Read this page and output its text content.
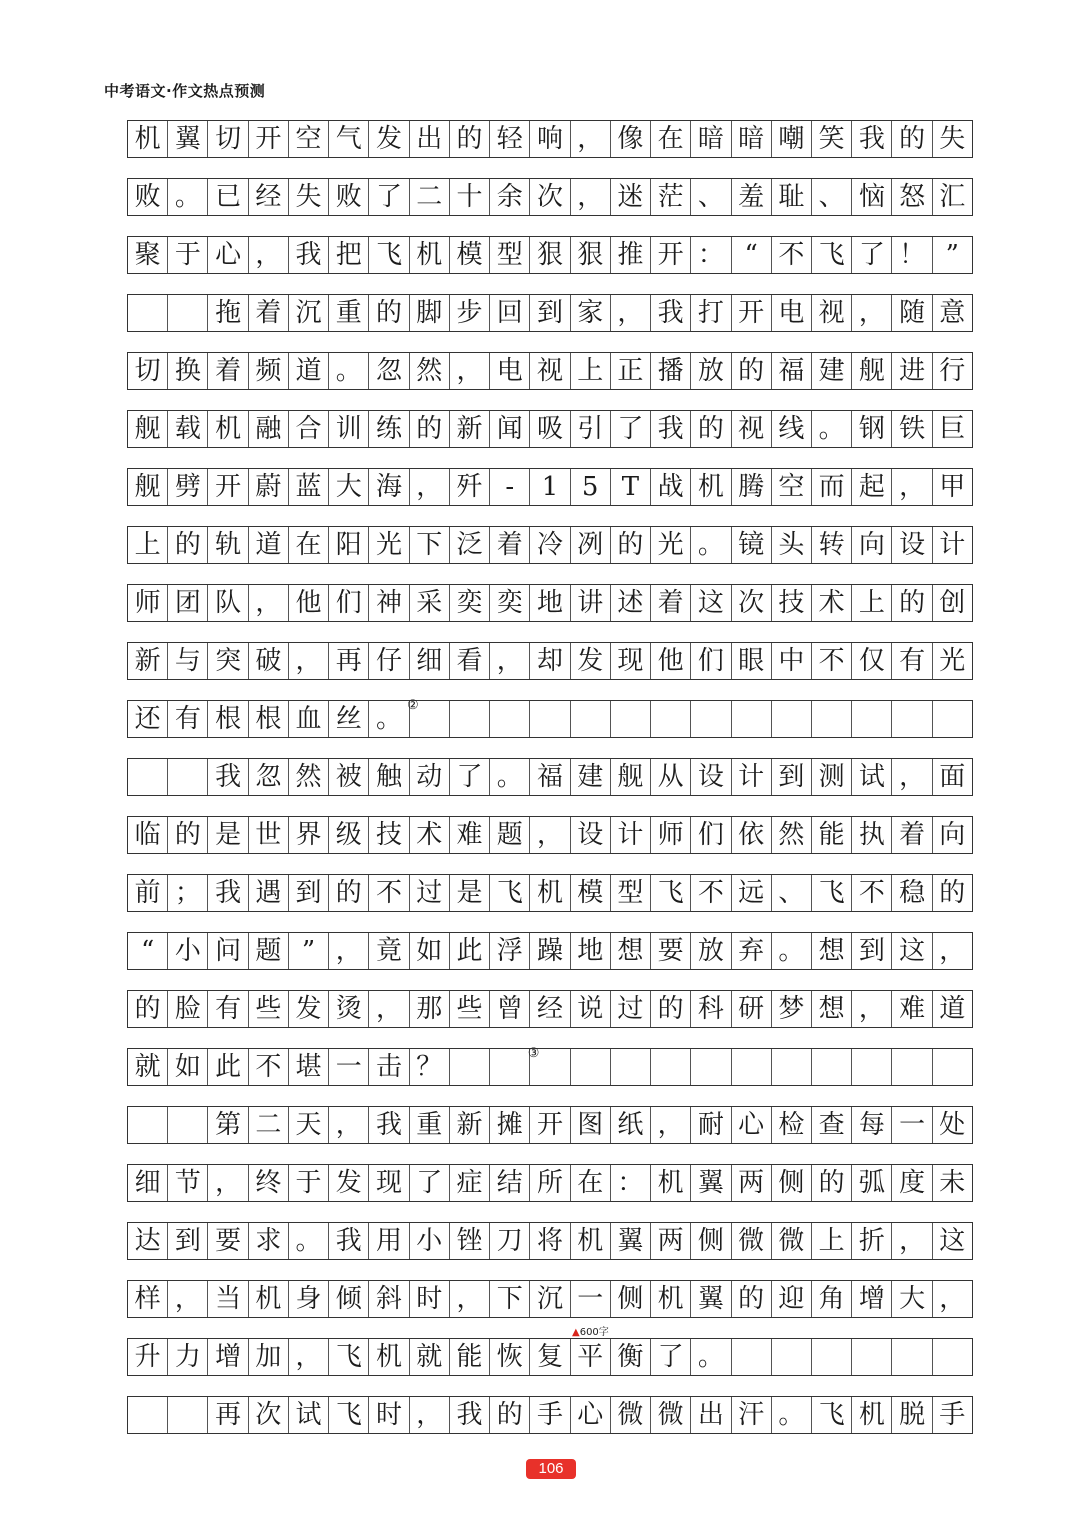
中考语文·作文热点预测
机 翼 切 开 空 气 发 出 的 轻 响 ， 像 在 暗 暗 嘲 笑 我 的 失
败 。 已 经 失 败 了 二 十 余 次 ， 迷 茫 、 羞 耻 、 恼 怒 汇
聚 于 心 ， 我 把 飞 机 模 型 狠 狠 推 开 ： “ 不 飞 了 ！ ”
拖 着 沉 重 的 脚 步 回 到 家 ， 我 打 开 电 视 ， 随 意
切 换 着 频 道 。 忽 然 ， 电 视 上 正 播 放 的 福 建 舰 进 行
舰 载 机 融 合 训 练 的 新 闻 吸 引 了 我 的 视 线 。 钢 铁 巨
舰 劈 开 蔚 蓝 大 海 ， 歼 -	1 5 T 战 机 腾 空 而 起 ， 甲
上 的 轨 道 在 阳 光 下 泛 着 冷 冽 的 光 。 镜 头 转 向 设 计
师 团 队 ， 他 们 神 采 奕 奕 地 讲 述 着 这 次 技 术 上 的 创
新 与 突 破 ， 再 仔 细 看 ， 却 发 现 他 们 眼 中 不 仅 有 光
还 有 根 根 血 丝 。 ②
我 忽 然 被 触 动 了 。 福 建 舰 从 设 计 到 测 试 ， 面
临 的 是 世 界 级 技 术 难 题 ， 设 计 师 们 依 然 能 执 着 向
前 ； 我 遇 到 的 不 过 是 飞 机 模 型 飞 不 远 、 飞 不 稳 的
“ 小 问 题 ” ， 竟 如 此 浮 躁 地 想 要 放 弃 。 想 到 这 ，
的 脸 有 些 发 烫 ， 那 些 曾 经 说 过 的 科 研 梦 想 ， 难 道
就 如 此 不 堪 一 击 ？	③
第 二 天 ， 我 重 新 摊 开 图 纸 ， 耐 心 检 查 每 一 处
细 节 ， 终 于 发 现 了 症 结 所 在 ： 机 翼 两 侧 的 弧 度 未
达 到 要 求 。 我 用 小 锉 刀 将 机 翼 两 侧 微 微 上 折 ， 这
样 ， 当 机 身 倾 斜 时 ， 下 沉 一 侧 机 翼 的 迎 角 增 大 ，
升 力 增 加 ， 飞 机 就 能 恢 复 平 衡 了 。
再 次 试 飞 时 ， 我 的 手 心 微 微 出 汗 。 飞 机 脱 手
▲600字
106
